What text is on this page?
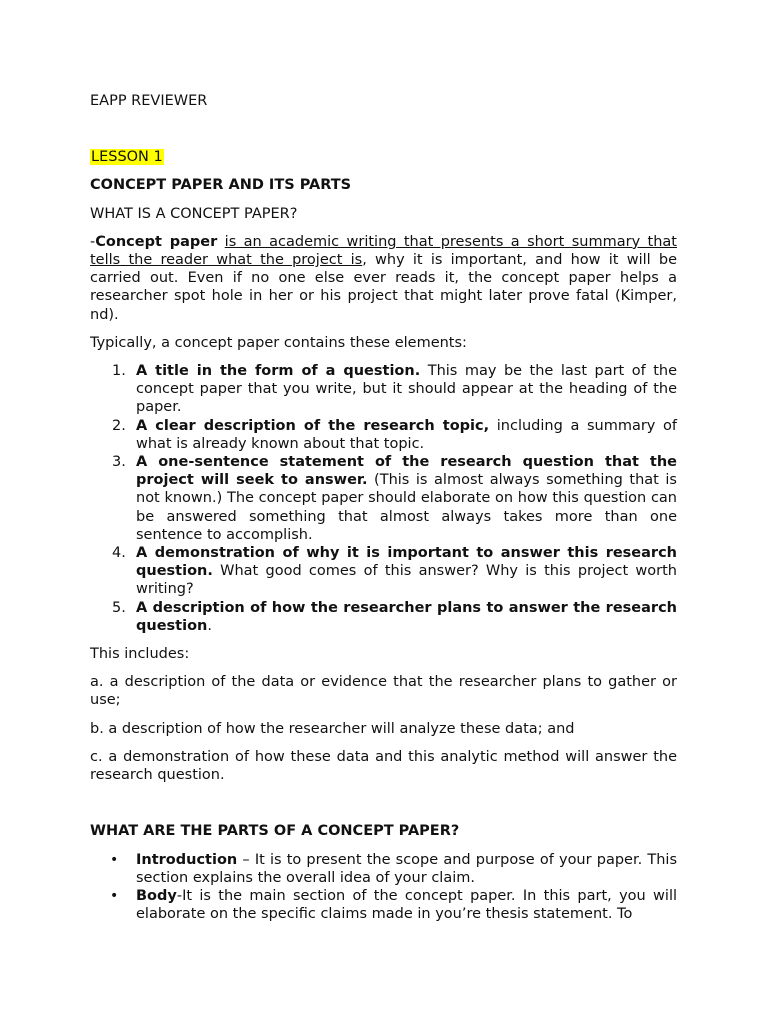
EAPP REVIEWER

LESSON 1

CONCEPT PAPER AND ITS PARTS

WHAT IS A CONCEPT PAPER?

-Concept paper is an academic writing that presents a short summary that tells the reader what the project is, why it is important, and how it will be carried out. Even if no one else ever reads it, the concept paper helps a researcher spot hole in her or his project that might later prove fatal (Kimper, nd).

Typically, a concept paper contains these elements:

1. A title in the form of a question. This may be the last part of the concept paper that you write, but it should appear at the heading of the paper.
2. A clear description of the research topic, including a summary of what is already known about that topic.
3. A one-sentence statement of the research question that the project will seek to answer. (This is almost always something that is not known.) The concept paper should elaborate on how this question can be answered something that almost always takes more than one sentence to accomplish.
4. A demonstration of why it is important to answer this research question. What good comes of this answer? Why is this project worth writing?
5. A description of how the researcher plans to answer the research question.

This includes:

a. a description of the data or evidence that the researcher plans to gather or use;

b. a description of how the researcher will analyze these data; and

c. a demonstration of how these data and this analytic method will answer the research question.

WHAT ARE THE PARTS OF A CONCEPT PAPER?

• Introduction – It is to present the scope and purpose of your paper. This section explains the overall idea of your claim.
• Body-It is the main section of the concept paper. In this part, you will elaborate on the specific claims made in you’re thesis statement. To
